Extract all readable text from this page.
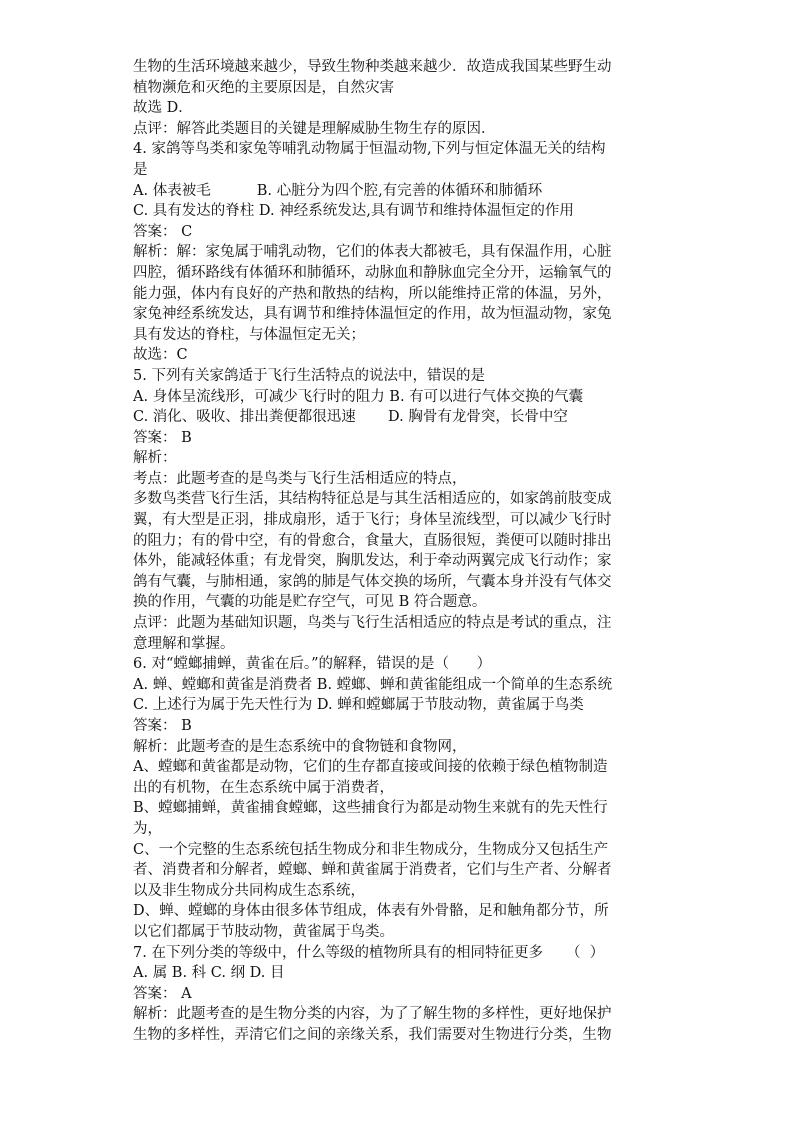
生物的生活环境越来越少，导致生物种类越来越少．故造成我国某些野生动
植物濒危和灭绝的主要原因是，自然灾害
故选 D．
点评：解答此类题目的关键是理解威胁生物生存的原因．
4. 家鸽等鸟类和家兔等哺乳动物属于恒温动物,下列与恒定体温无关的结构
是
A. 体表被毛          B. 心脏分为四个腔,有完善的体循环和肺循环
C. 具有发达的脊柱 D. 神经系统发达,具有调节和维持体温恒定的作用
答案： C
解析：解：家兔属于哺乳动物，它们的体表大都被毛，具有保温作用，心脏
四腔，循环路线有体循环和肺循环，动脉血和静脉血完全分开，运输氧气的
能力强，体内有良好的产热和散热的结构，所以能维持正常的体温，另外，
家兔神经系统发达，具有调节和维持体温恒定的作用，故为恒温动物，家兔
具有发达的脊柱，与体温恒定无关；
故选：C
5. 下列有关家鸽适于飞行生活特点的说法中，错误的是
A. 身体呈流线形，可减少飞行时的阻力 B. 有可以进行气体交换的气囊
C. 消化、吸收、排出粪便都很迅速       D. 胸骨有龙骨突，长骨中空
答案： B
解析：
考点：此题考查的是鸟类与飞行生活相适应的特点，
多数鸟类营飞行生活，其结构特征总是与其生活相适应的，如家鸽前肢变成
翼，有大型是正羽，排成扇形，适于飞行；身体呈流线型，可以减少飞行时
的阻力；有的骨中空，有的骨愈合，食量大，直肠很短，粪便可以随时排出
体外，能减轻体重；有龙骨突，胸肌发达，利于牵动两翼完成飞行动作；家
鸽有气囊，与肺相通，家鸽的肺是气体交换的场所，气囊本身并没有气体交
换的作用，气囊的功能是贮存空气，可见 B 符合题意。
点评：此题为基础知识题，鸟类与飞行生活相适应的特点是考试的重点，注
意理解和掌握。
6. 对“螳螂捕蝉，黄雀在后。”的解释，错误的是（      ）
A. 蝉、螳螂和黄雀是消费者 B. 螳螂、蝉和黄雀能组成一个简单的生态系统
C. 上述行为属于先天性行为 D. 蝉和螳螂属于节肢动物，黄雀属于鸟类
答案： B
解析：此题考查的是生态系统中的食物链和食物网，
A、螳螂和黄雀都是动物，它们的生存都直接或间接的依赖于绿色植物制造
出的有机物，在生态系统中属于消费者，
B、螳螂捕蝉，黄雀捕食螳螂，这些捕食行为都是动物生来就有的先天性行
为，
C、一个完整的生态系统包括生物成分和非生物成分，生物成分又包括生产
者、消费者和分解者，螳螂、蝉和黄雀属于消费者，它们与生产者、分解者
以及非生物成分共同构成生态系统，
D、蝉、螳螂的身体由很多体节组成，体表有外骨骼，足和触角都分节，所
以它们都属于节肢动物，黄雀属于鸟类。
7. 在下列分类的等级中，什么等级的植物所具有的相同特征更多     （  ）
A. 属 B. 科 C. 纲 D. 目
答案： A
解析：此题考查的是生物分类的内容，为了了解生物的多样性，更好地保护
生物的多样性，弄清它们之间的亲缘关系，我们需要对生物进行分类，生物
